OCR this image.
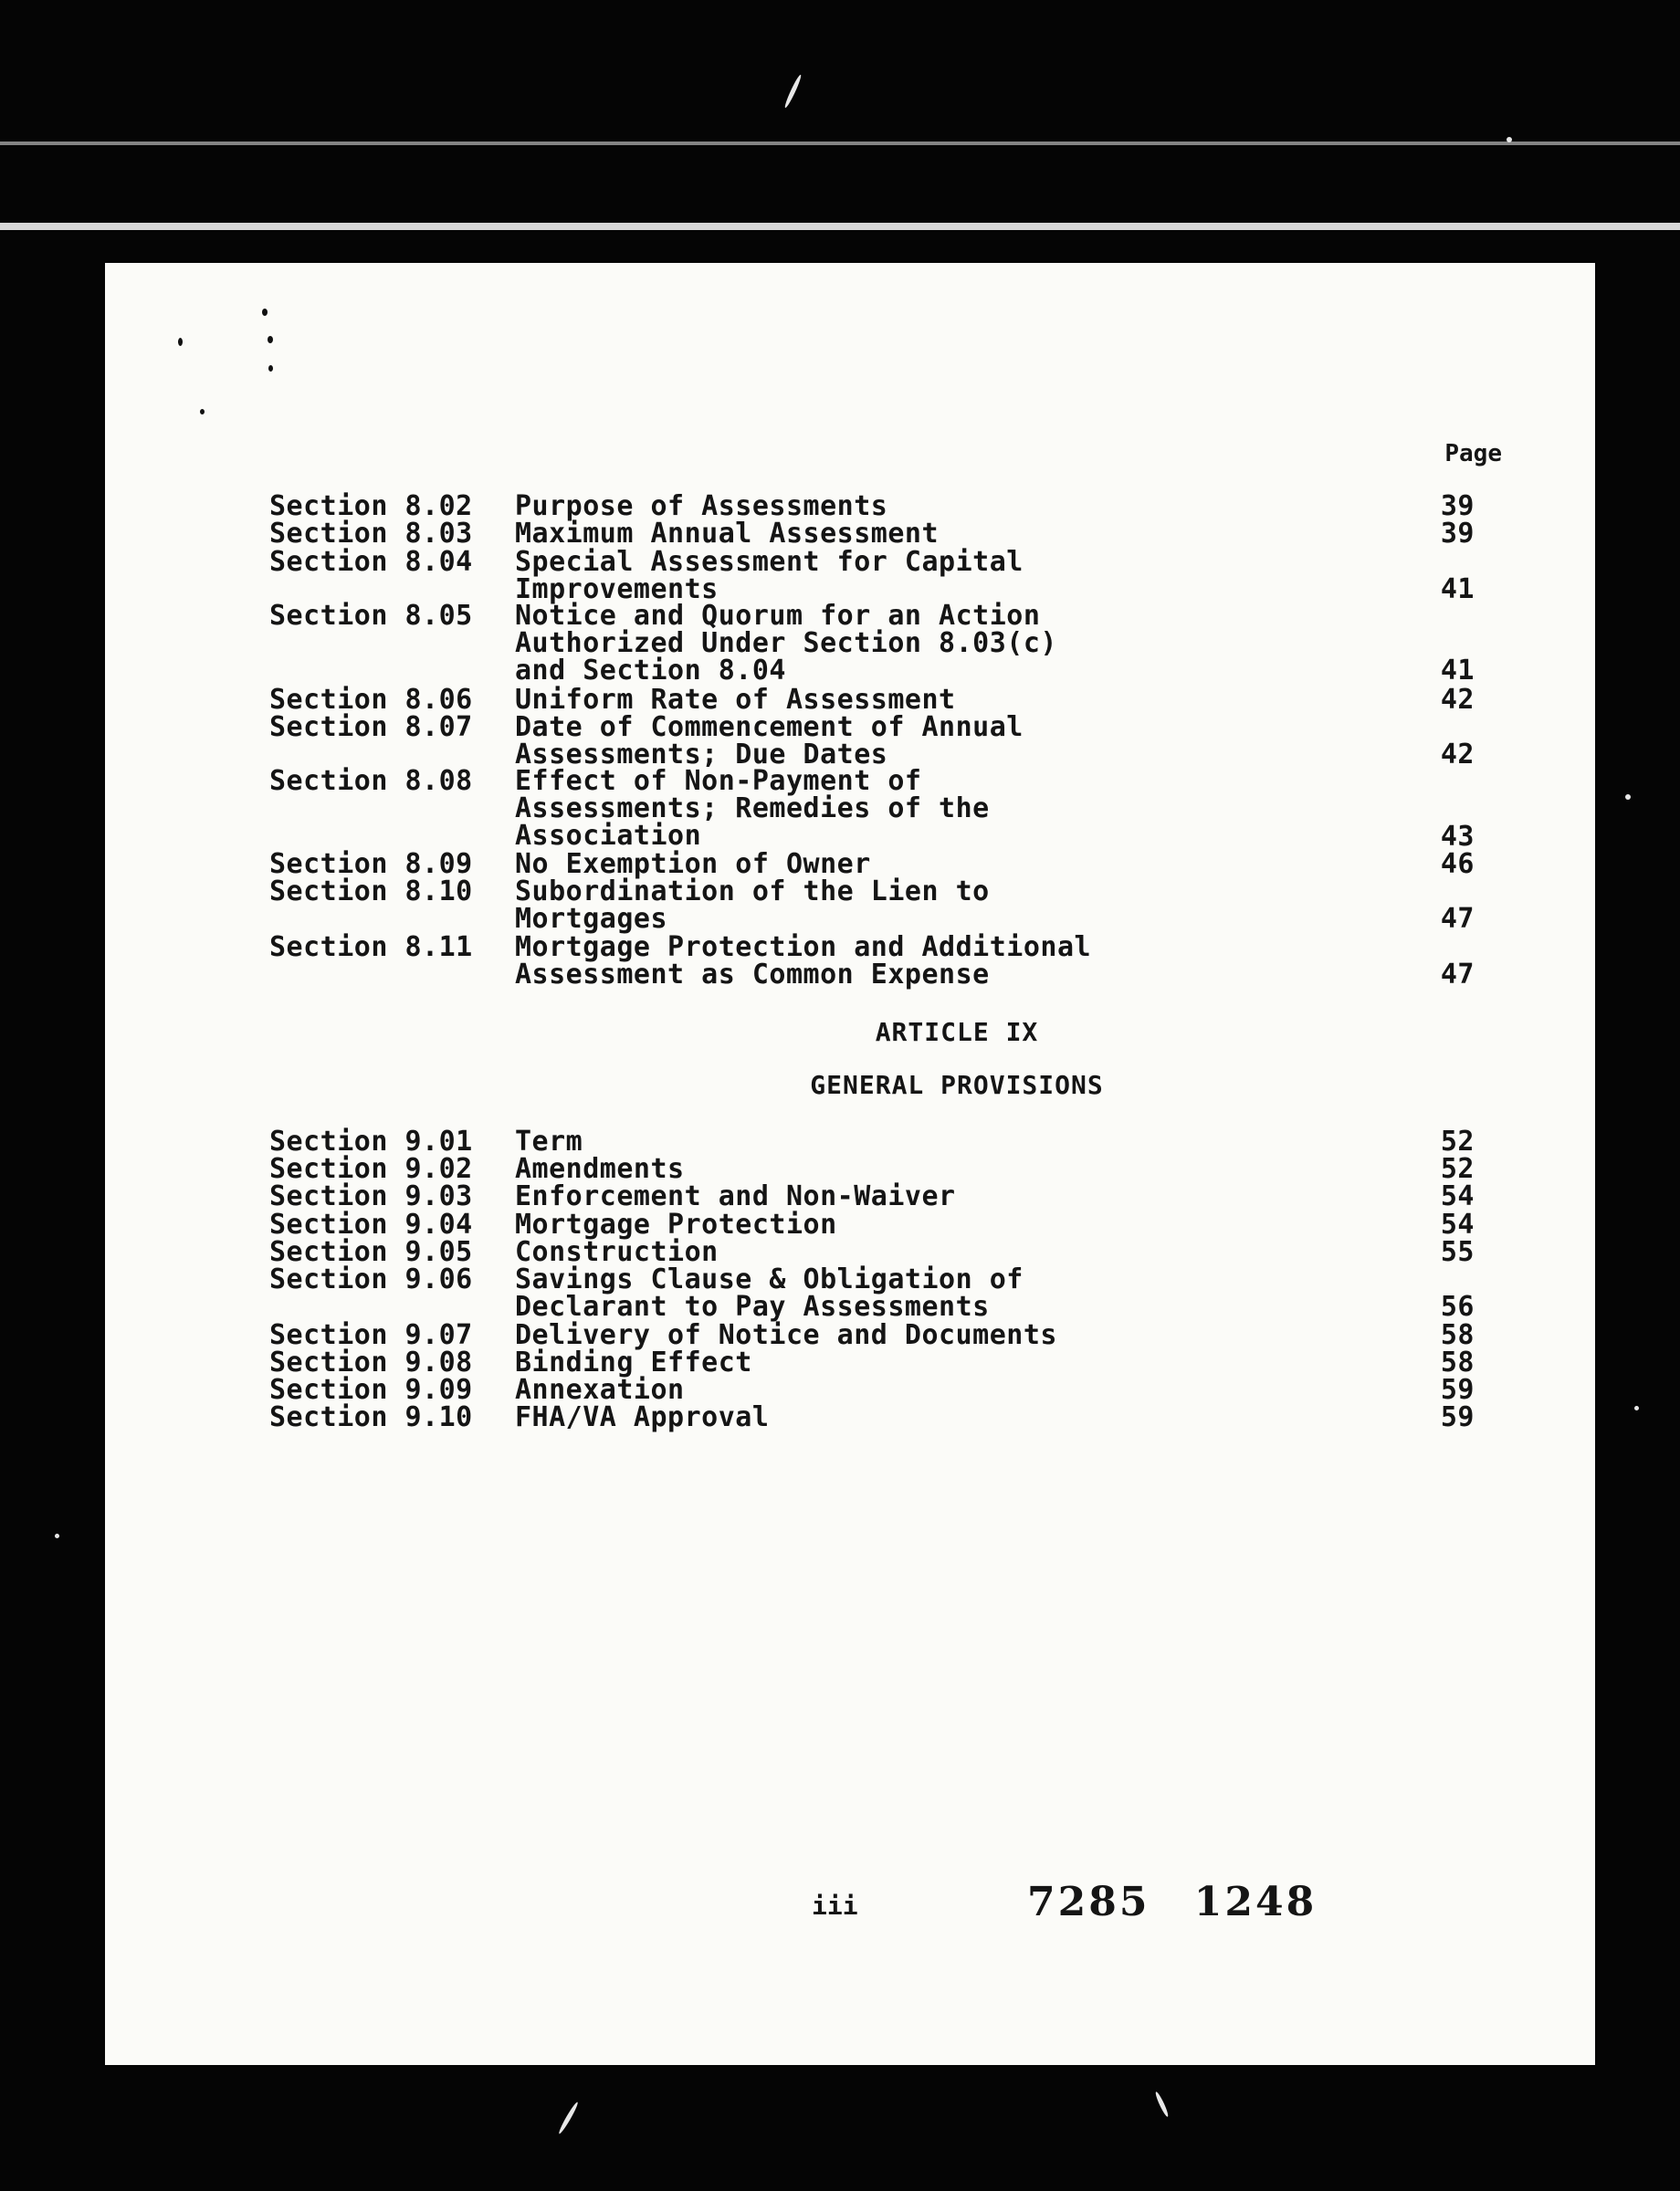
Page
Section 8.02 Purpose of Assessments	39
Section 8.03 Maximum Annual Assessment	39
Section 8.04 Special Assessment for Capital
Improvements	41
Section 8.05 Notice and Quorum for an Action
Authorized Under Section 8.03(c)
and Section 8.04	41
Section 8.06 Uniform Rate of Assessment	42
Section 8.07 Date of Commencement of Annual
Assessments; Due Dates	42
Section 8.08 Effect of Non-Payment of
Assessments; Remedies of the
Association	43
Section 8.09 No Exemption of Owner	46
Section 8.10 Subordination of the Lien to
Mortgages	47
Section 8.11 Mortgage Protection and Additional
Assessment as Common Expense	47
ARTICLE IX
GENERAL PROVISIONS
Section 9.01 Term	52
Section 9.02 Amendments	52
Section 9.03 Enforcement and Non-Waiver	54
Section 9.04 Mortgage Protection	54
Section 9.05 Construction	55
Section 9.06 Savings Clause & Obligation of
Declarant to Pay Assessments	56
Section 9.07 Delivery of Notice and Documents	58
Section 9.08 Binding Effect	58
Section 9.09 Annexation	59
Section 9.10 FHA/VA Approval	59
iii	7285 1248
